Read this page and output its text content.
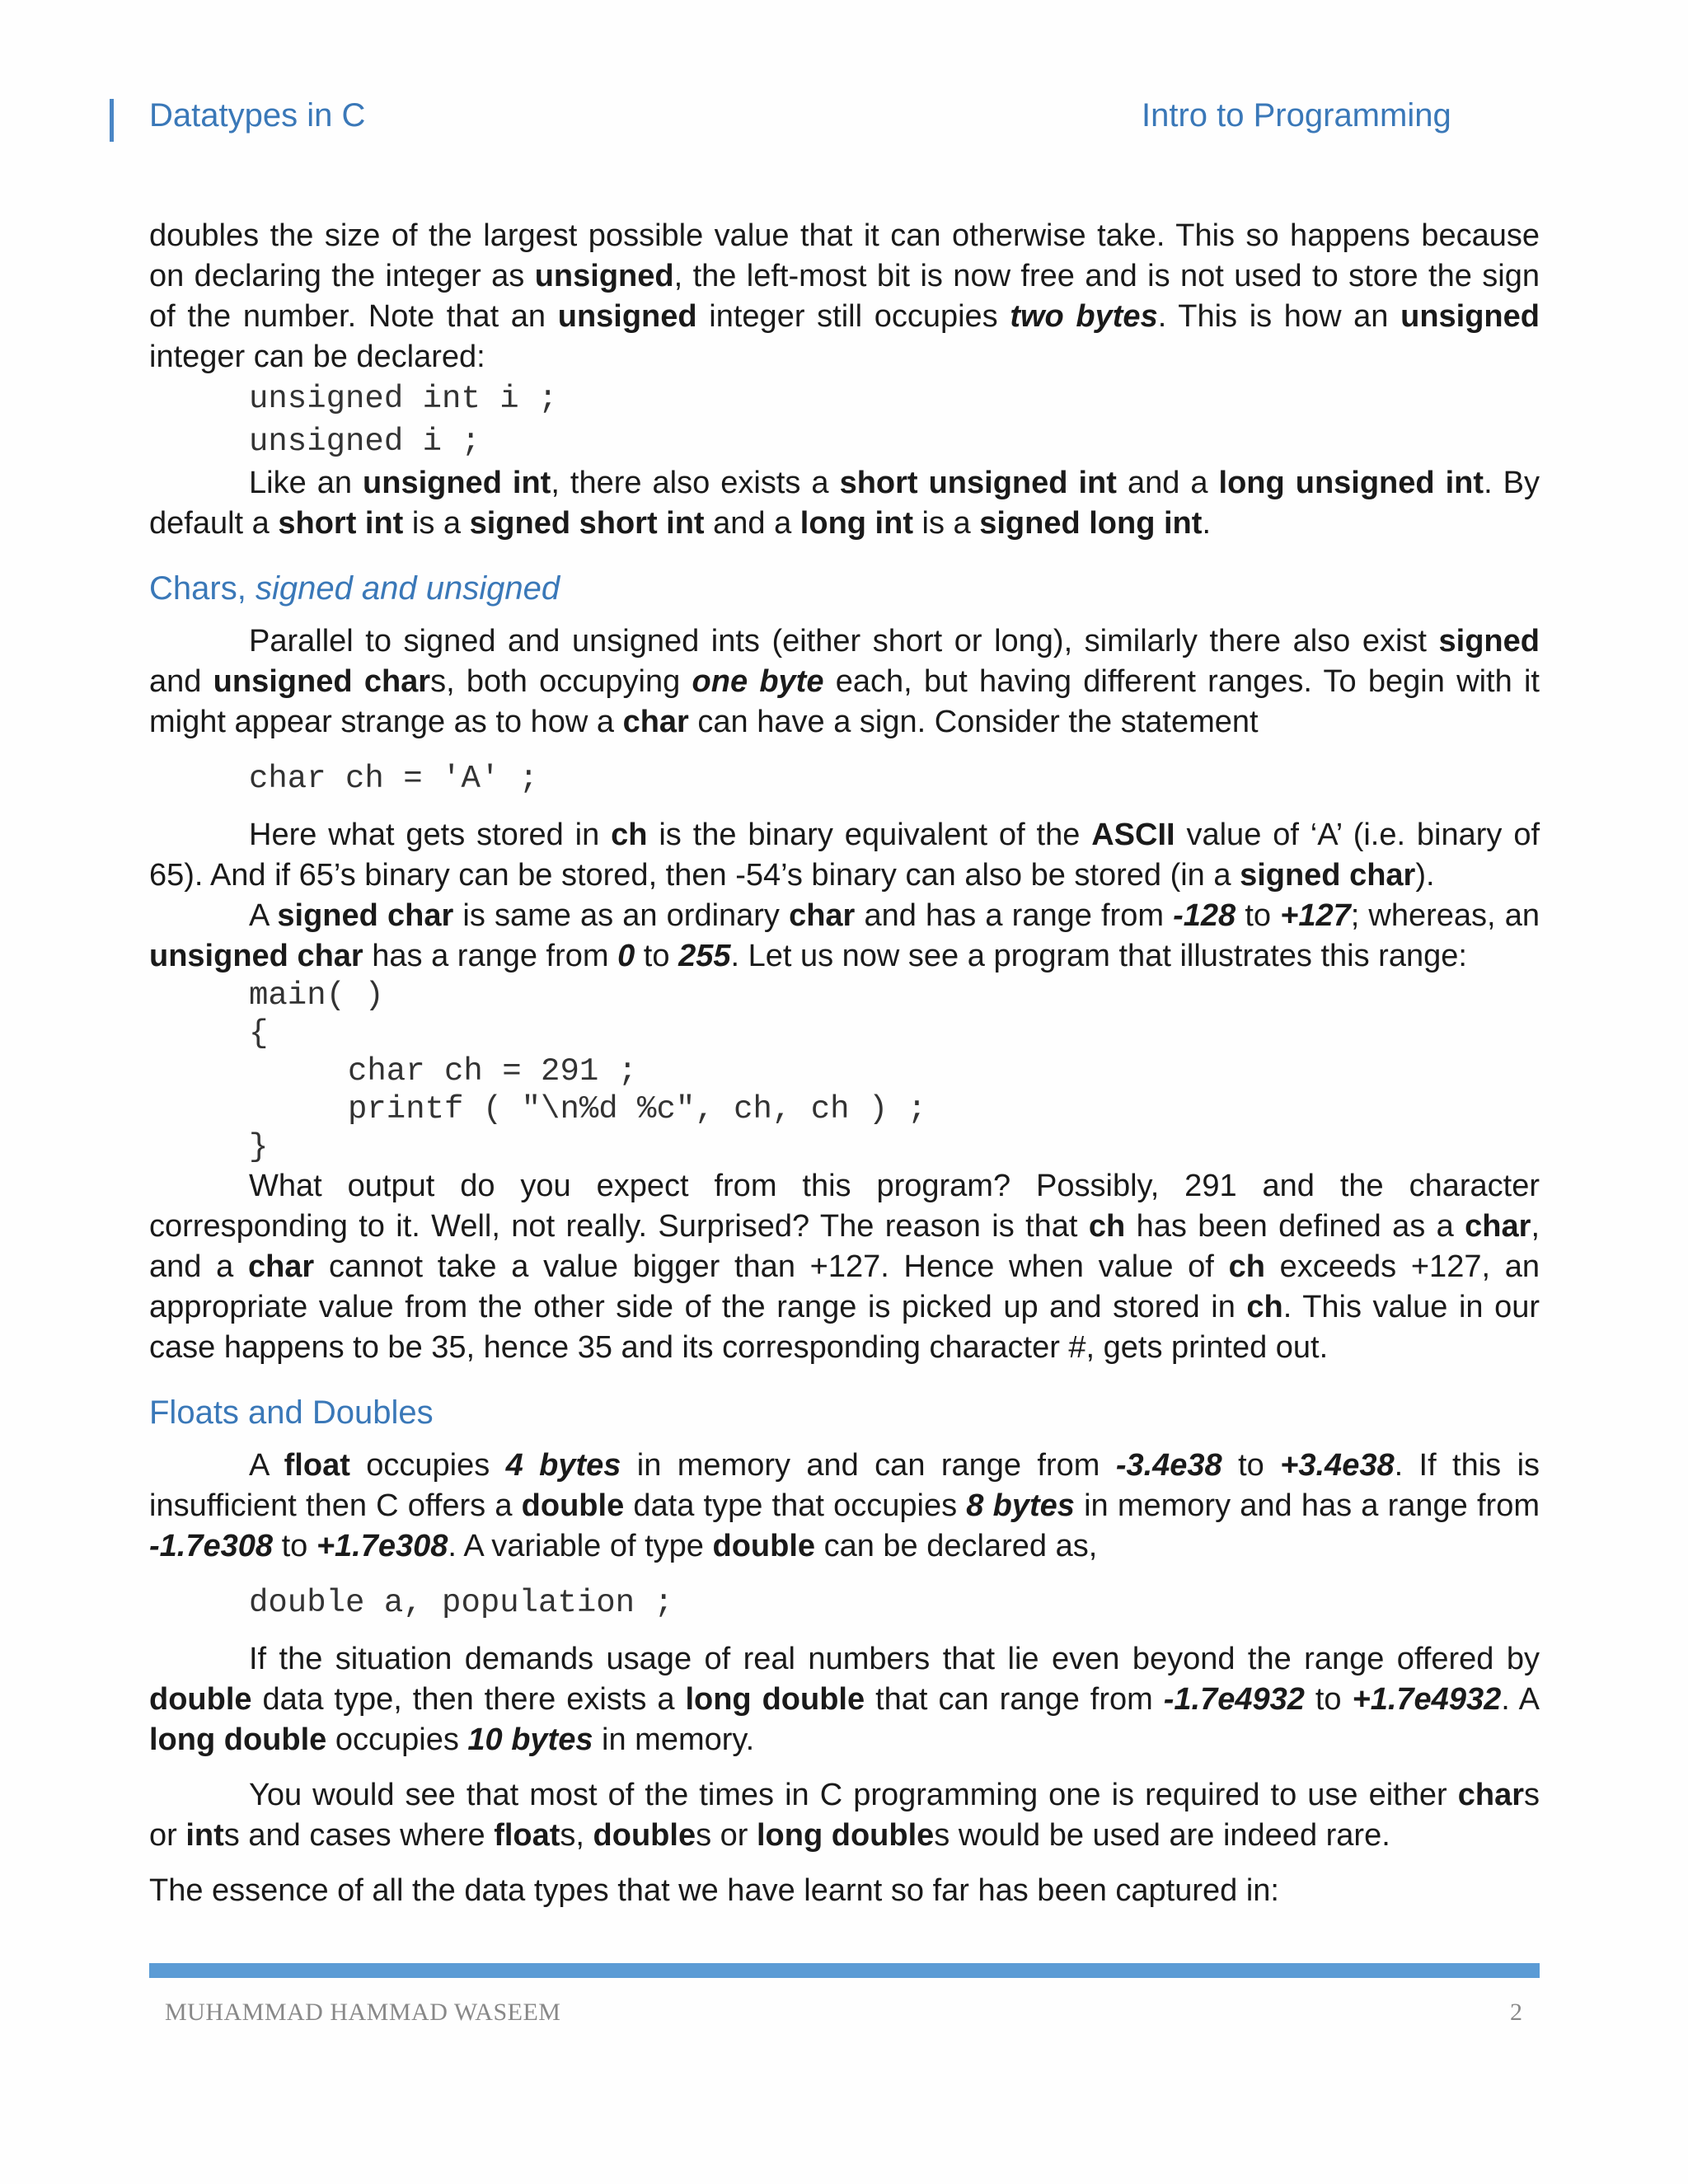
Datatypes in C	Intro to Programming

doubles the size of the largest possible value that it can otherwise take. This so happens because on declaring the integer as unsigned, the left-most bit is now free and is not used to store the sign of the number. Note that an unsigned integer still occupies two bytes. This is how an unsigned integer can be declared:

unsigned int i ;
unsigned i ;

Like an unsigned int, there also exists a short unsigned int and a long unsigned int. By default a short int is a signed short int and a long int is a signed long int.

Chars, signed and unsigned

Parallel to signed and unsigned ints (either short or long), similarly there also exist signed and unsigned chars, both occupying one byte each, but having different ranges. To begin with it might appear strange as to how a char can have a sign. Consider the statement

char ch = 'A' ;

Here what gets stored in ch is the binary equivalent of the ASCII value of ‘A’ (i.e. binary of 65). And if 65’s binary can be stored, then -54’s binary can also be stored (in a signed char).

A signed char is same as an ordinary char and has a range from -128 to +127; whereas, an unsigned char has a range from 0 to 255. Let us now see a program that illustrates this range:

main( )
{
char ch = 291 ;
printf ( "\n%d %c", ch, ch ) ;
}

What output do you expect from this program? Possibly, 291 and the character corresponding to it. Well, not really. Surprised? The reason is that ch has been defined as a char, and a char cannot take a value bigger than +127. Hence when value of ch exceeds +127, an appropriate value from the other side of the range is picked up and stored in ch. This value in our case happens to be 35, hence 35 and its corresponding character #, gets printed out.

Floats and Doubles

A float occupies 4 bytes in memory and can range from -3.4e38 to +3.4e38. If this is insufficient then C offers a double data type that occupies 8 bytes in memory and has a range from -1.7e308 to +1.7e308. A variable of type double can be declared as,

double a, population ;

If the situation demands usage of real numbers that lie even beyond the range offered by double data type, then there exists a long double that can range from -1.7e4932 to +1.7e4932. A long double occupies 10 bytes in memory.

You would see that most of the times in C programming one is required to use either chars or ints and cases where floats, doubles or long doubles would be used are indeed rare.

The essence of all the data types that we have learnt so far has been captured in:

MUHAMMAD HAMMAD WASEEM	2
